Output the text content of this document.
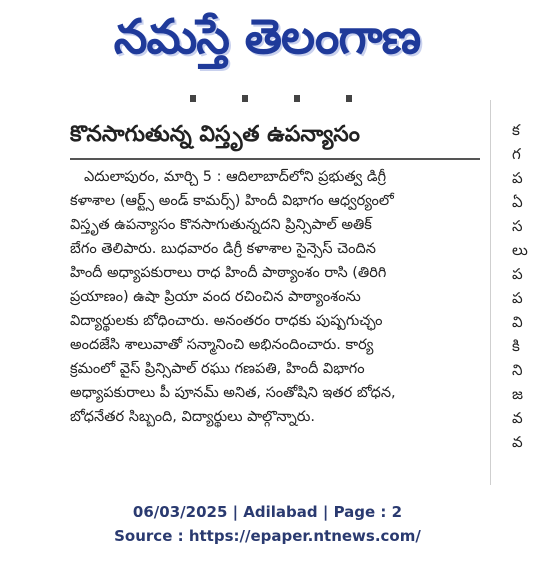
నమస్తే తెలంగాణ
కొనసాగుతున్న విస్తృత ఉపన్యాసం
ఎదులాపురం, మార్చి 5 : ఆదిలాబాద్‌లోని ప్రభుత్వ డిగ్రీ
కళాశాల (ఆర్ట్స్ అండ్ కామర్స్) హిందీ విభాగం ఆధ్వర్యంలో
విస్తృత ఉపన్యాసం కొనసాగుతున్నదని ప్రిన్సిపాల్ అతిక్
బేగం తెలిపారు. బుధవారం డిగ్రీ కళాశాల సైన్సెస్ చెందిన
హిందీ అధ్యాపకురాలు రాధ హిందీ పాఠ్యాంశం రాసి (తిరిగి
ప్రయాణం) ఉషా ప్రియా వంద రచించిన పాఠ్యాంశంను
విద్యార్థులకు బోధించారు. అనంతరం రాధకు పుష్పగుచ్ఛం
అందజేసి శాలువాతో సన్మానించి అభినందించారు. కార్య
క్రమంలో వైస్ ప్రిన్సిపాల్ రఘు గణపతి, హిందీ విభాగం
అధ్యాపకురాలు పీ పూనమ్ అనిత, సంతోషిని ఇతర బోధన,
బోధనేతర సిబ్బంది, విద్యార్థులు పాల్గొన్నారు.
క
గ
ప
ఏ
స
లు
ప
ప
వి
కి
ని
జ
వ
వ
06/03/2025 | Adilabad | Page : 2
Source : https://epaper.ntnews.com/
